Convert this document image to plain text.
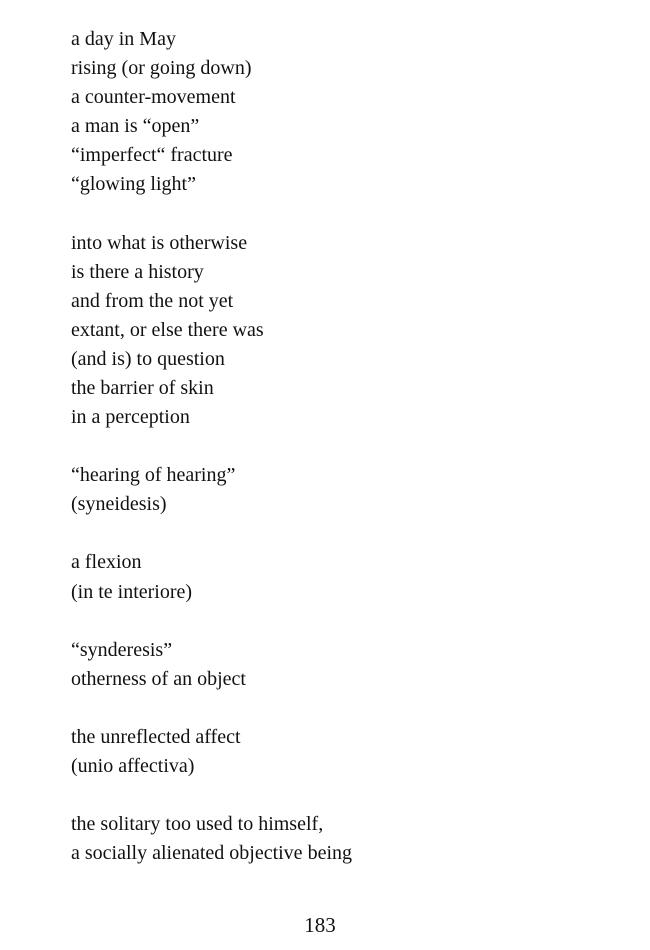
a day in May
rising (or going down)
a counter-movement
a man is “open”
“imperfect“ fracture
“glowing light”
into what is otherwise
is there a history
and from the not yet
extant, or else there was
(and is) to question
the barrier of skin
in a perception
“hearing of hearing”
(syneidesis)
a flexion
(in te interiore)
“synderesis”
otherness of an object
the unreflected affect
(unio affectiva)
the solitary too used to himself,
a socially alienated objective being
183
